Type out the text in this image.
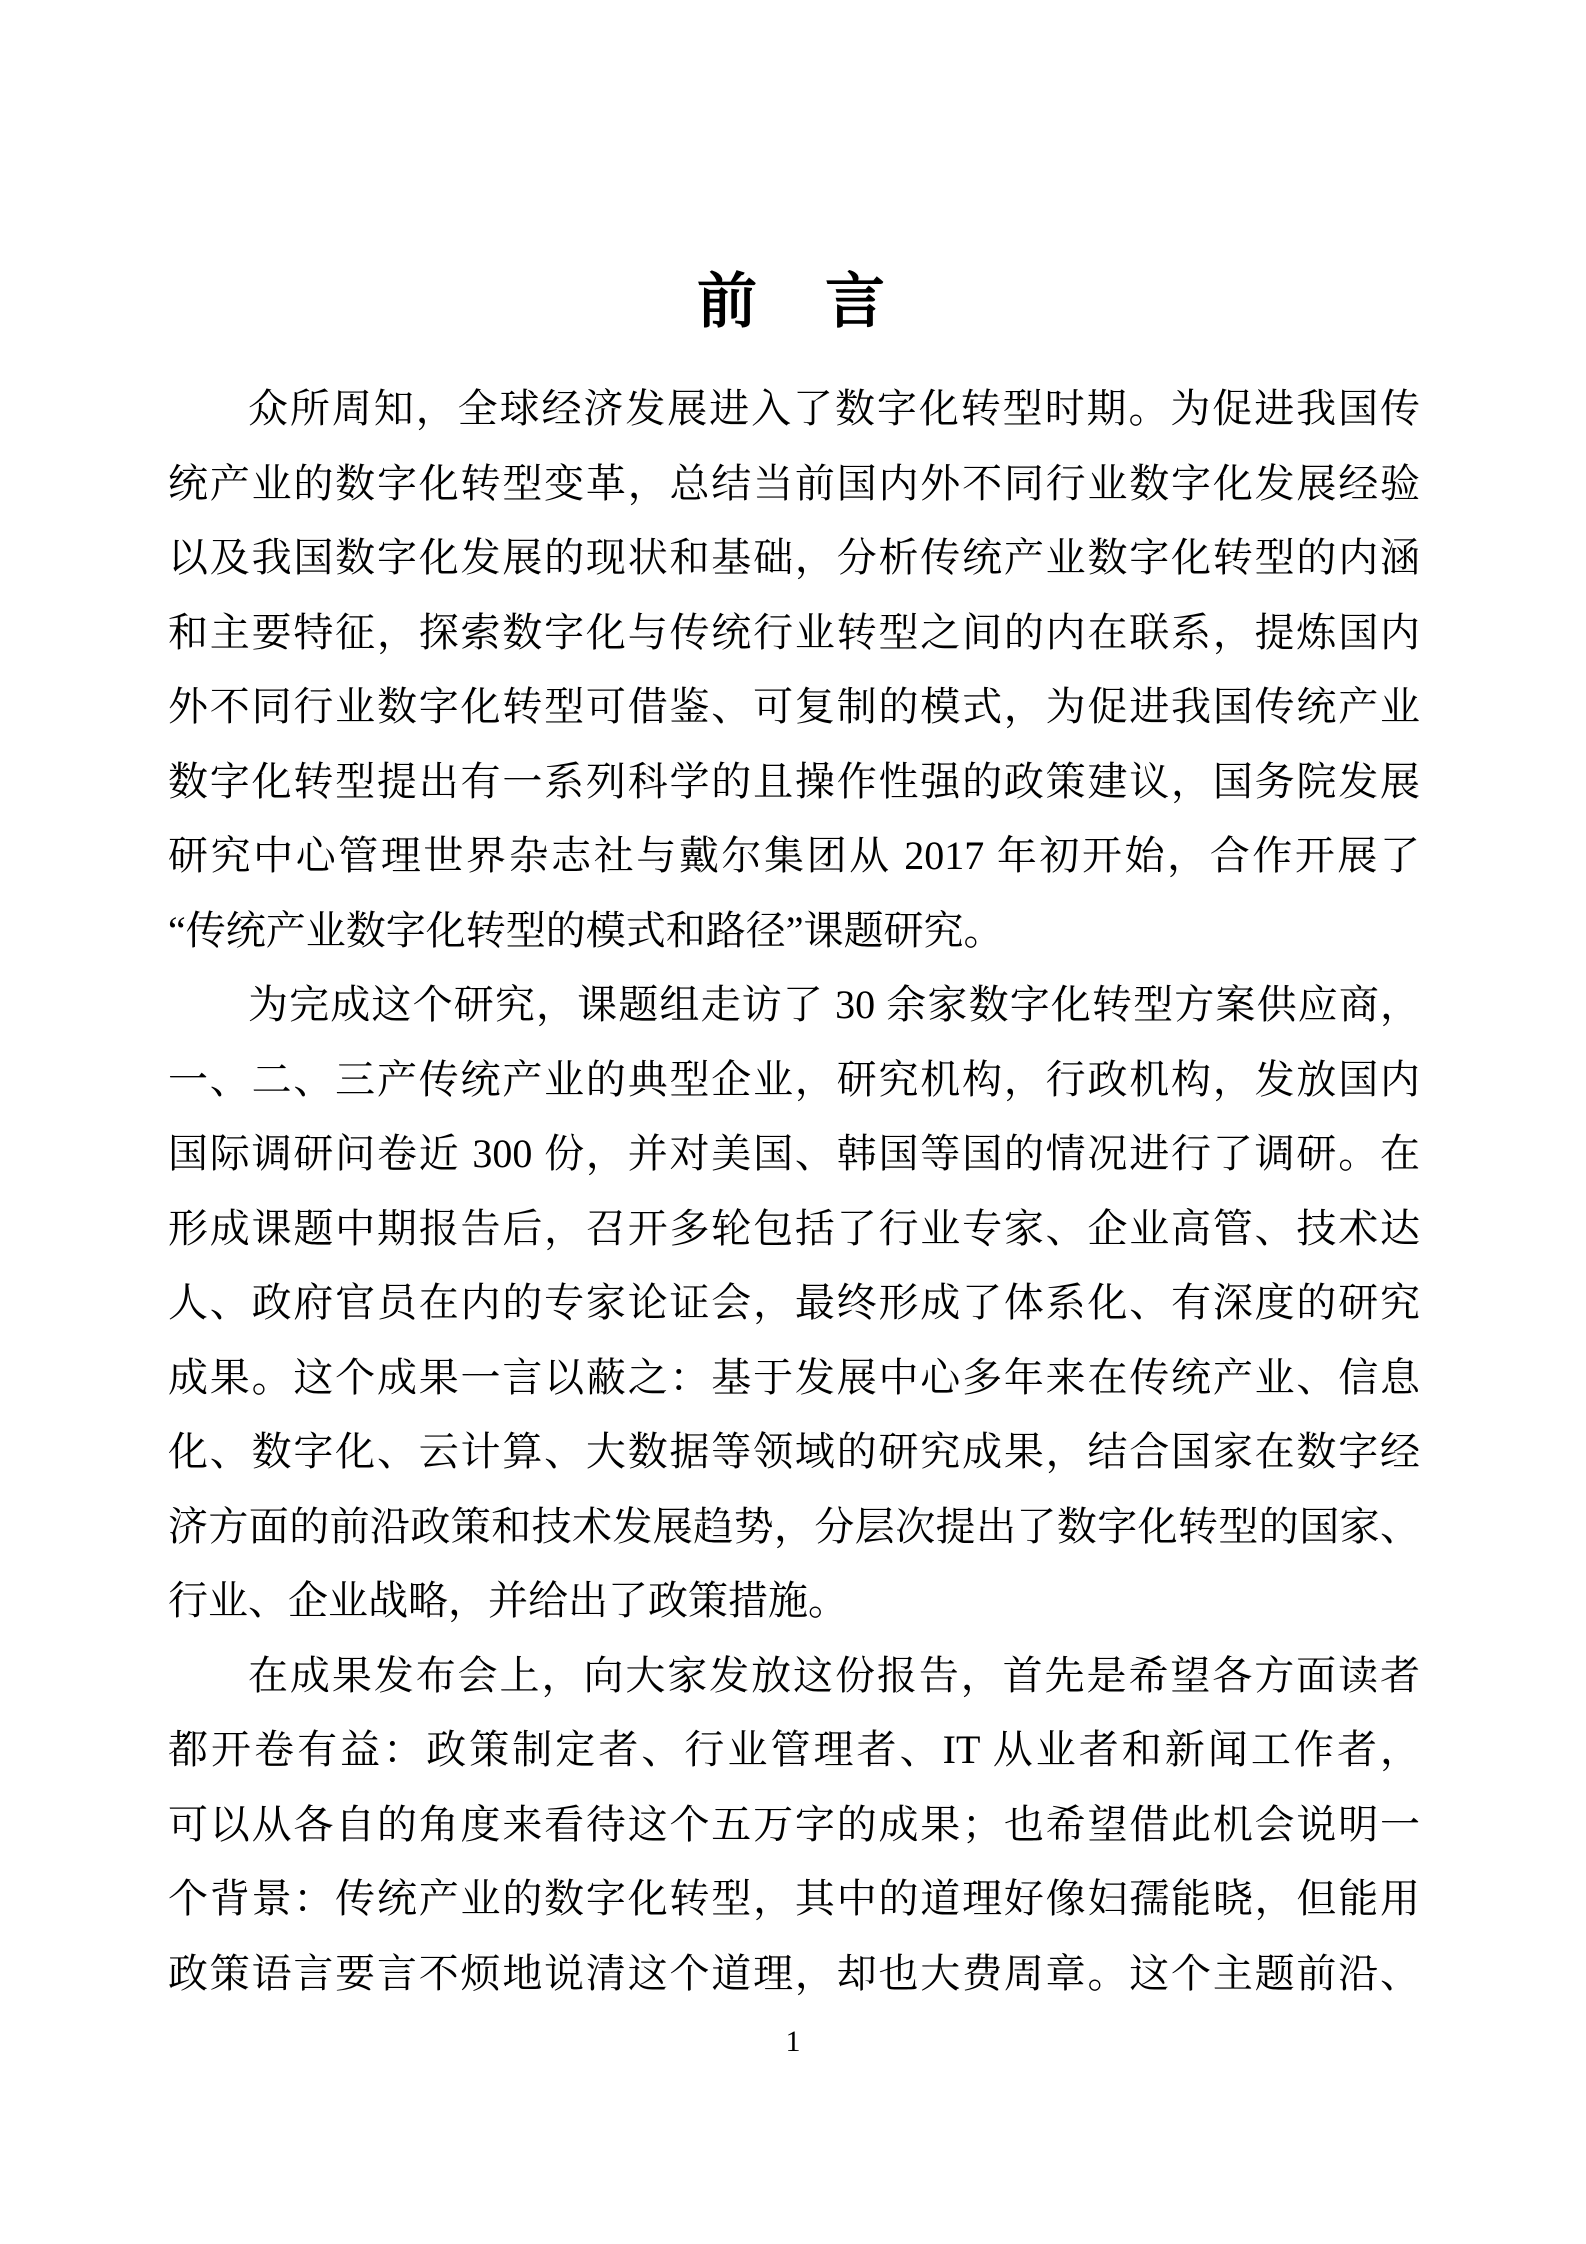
前　言
众所周知，全球经济发展进入了数字化转型时期。为促进我国传
统产业的数字化转型变革，总结当前国内外不同行业数字化发展经验
以及我国数字化发展的现状和基础，分析传统产业数字化转型的内涵
和主要特征，探索数字化与传统行业转型之间的内在联系，提炼国内
外不同行业数字化转型可借鉴、可复制的模式，为促进我国传统产业
数字化转型提出有一系列科学的且操作性强的政策建议，国务院发展
研究中心管理世界杂志社与戴尔集团从 2017 年初开始，合作开展了
“传统产业数字化转型的模式和路径”课题研究。
为完成这个研究，课题组走访了 30 余家数字化转型方案供应商，
一、二、三产传统产业的典型企业，研究机构，行政机构，发放国内
国际调研问卷近 300 份，并对美国、韩国等国的情况进行了调研。在
形成课题中期报告后，召开多轮包括了行业专家、企业高管、技术达
人、政府官员在内的专家论证会，最终形成了体系化、有深度的研究
成果。这个成果一言以蔽之：基于发展中心多年来在传统产业、信息
化、数字化、云计算、大数据等领域的研究成果，结合国家在数字经
济方面的前沿政策和技术发展趋势，分层次提出了数字化转型的国家、
行业、企业战略，并给出了政策措施。
在成果发布会上，向大家发放这份报告，首先是希望各方面读者
都开卷有益：政策制定者、行业管理者、IT 从业者和新闻工作者，
可以从各自的角度来看待这个五万字的成果；也希望借此机会说明一
个背景：传统产业的数字化转型，其中的道理好像妇孺能晓，但能用
政策语言要言不烦地说清这个道理，却也大费周章。这个主题前沿、
1
